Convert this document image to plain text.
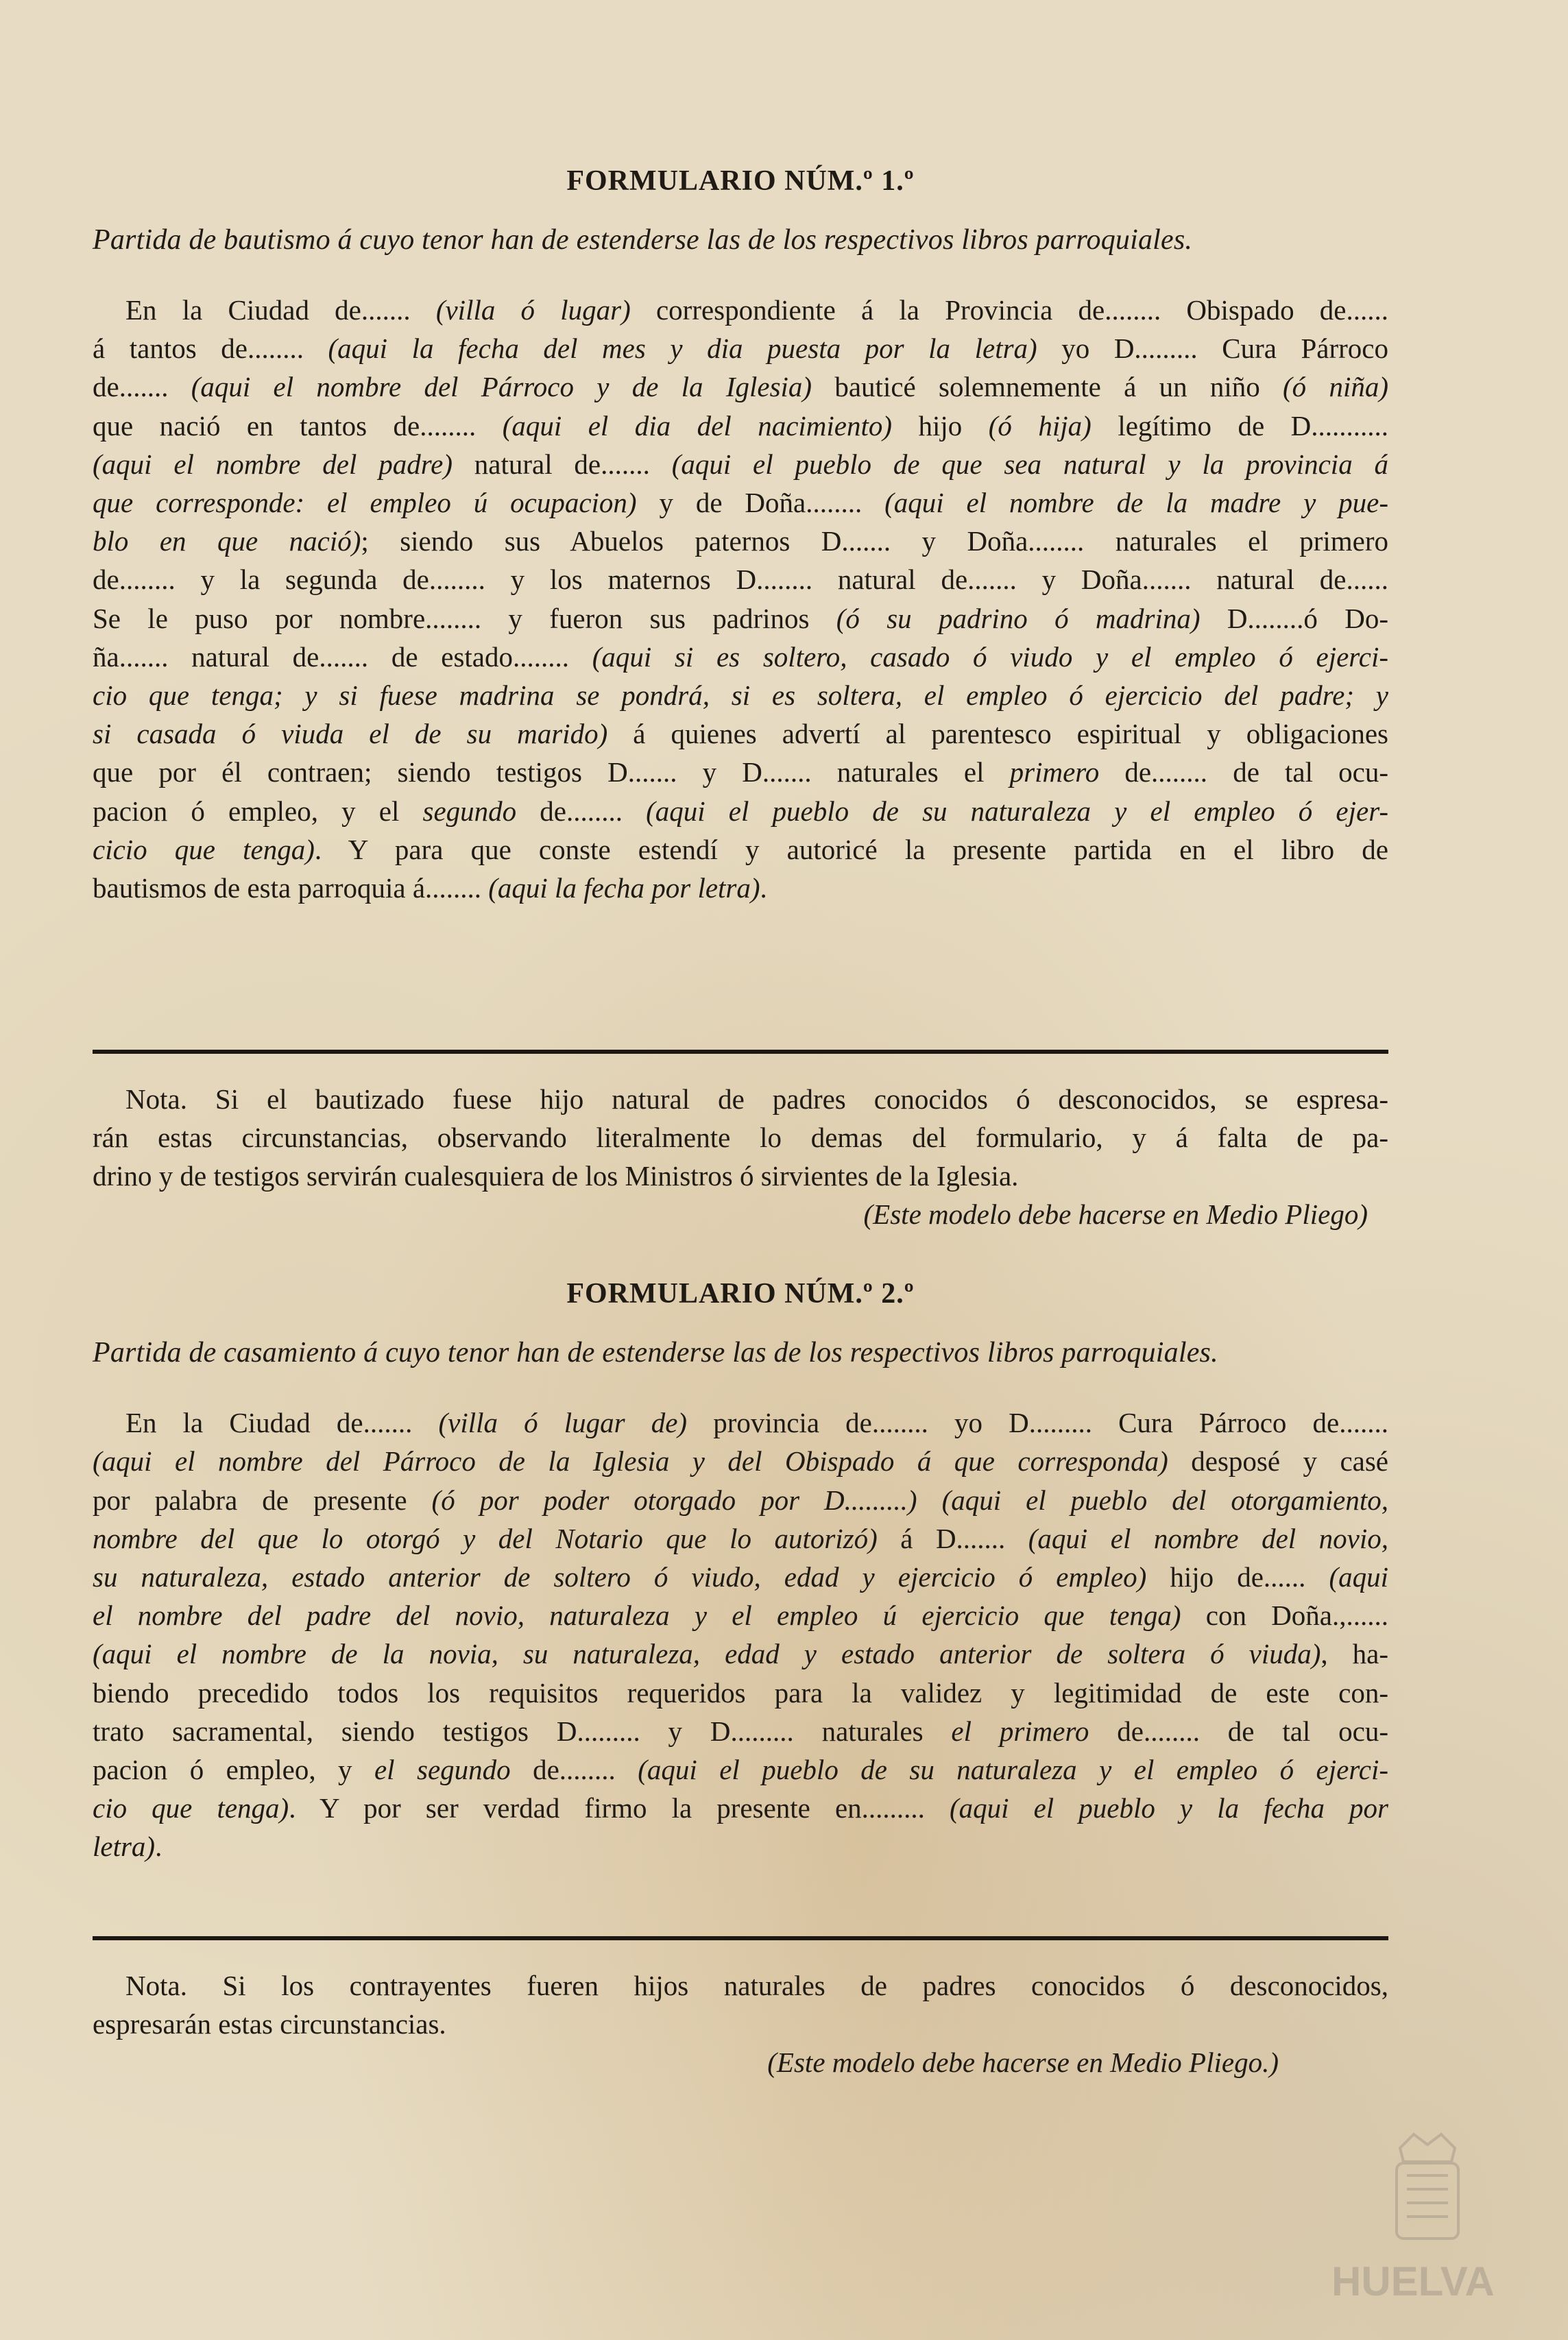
FORMULARIO NÚM.º 1.º
Partida de bautismo á cuyo tenor han de estenderse las de los respectivos libros parroquiales.
En la Ciudad de....... (villa ó lugar) correspondiente á la Provincia de........ Obispado de......
á tantos de........ (aqui la fecha del mes y dia puesta por la letra) yo D......... Cura Párroco
de....... (aqui el nombre del Párroco y de la Iglesia) bauticé solemnemente á un niño (ó niña)
que nació en tantos de........ (aqui el dia del nacimiento) hijo (ó hija) legítimo de D...........
(aqui el nombre del padre) natural de....... (aqui el pueblo de que sea natural y la provincia á
que corresponde: el empleo ú ocupacion) y de Doña........ (aqui el nombre de la madre y pue-
blo en que nació); siendo sus Abuelos paternos D....... y Doña........ naturales el primero
de........ y la segunda de........ y los maternos D........ natural de....... y Doña....... natural de......
Se le puso por nombre........ y fueron sus padrinos (ó su padrino ó madrina) D........ó Do-
ña....... natural de....... de estado........ (aqui si es soltero, casado ó viudo y el empleo ó ejerci-
cio que tenga; y si fuese madrina se pondrá, si es soltera, el empleo ó ejercicio del padre; y
si casada ó viuda el de su marido) á quienes advertí al parentesco espiritual y obligaciones
que por él contraen; siendo testigos D....... y D....... naturales el primero de........ de tal ocu-
pacion ó empleo, y el segundo de........ (aqui el pueblo de su naturaleza y el empleo ó ejer-
cicio que tenga). Y para que conste estendí y autoricé la presente partida en el libro de
bautismos de esta parroquia á........ (aqui la fecha por letra).
Nota. Si el bautizado fuese hijo natural de padres conocidos ó desconocidos, se espresa-
rán estas circunstancias, observando literalmente lo demas del formulario, y á falta de pa-
drino y de testigos servirán cualesquiera de los Ministros ó sirvientes de la Iglesia.
(Este modelo debe hacerse en Medio Pliego)
FORMULARIO NÚM.º 2.º
Partida de casamiento á cuyo tenor han de estenderse las de los respectivos libros parroquiales.
En la Ciudad de....... (villa ó lugar de) provincia de........ yo D......... Cura Párroco de.......
(aqui el nombre del Párroco de la Iglesia y del Obispado á que corresponda) desposé y casé
por palabra de presente (ó por poder otorgado por D.........) (aqui el pueblo del otorgamiento,
nombre del que lo otorgó y del Notario que lo autorizó) á D....... (aqui el nombre del novio,
su naturaleza, estado anterior de soltero ó viudo, edad y ejercicio ó empleo) hijo de...... (aqui
el nombre del padre del novio, naturaleza y el empleo ú ejercicio que tenga) con Doña.,......
(aqui el nombre de la novia, su naturaleza, edad y estado anterior de soltera ó viuda), ha-
biendo precedido todos los requisitos requeridos para la validez y legitimidad de este con-
trato sacramental, siendo testigos D......... y D......... naturales el primero de........ de tal ocu-
pacion ó empleo, y el segundo de........ (aqui el pueblo de su naturaleza y el empleo ó ejerci-
cio que tenga). Y por ser verdad firmo la presente en......... (aqui el pueblo y la fecha por
letra).
Nota. Si los contrayentes fueren hijos naturales de padres conocidos ó desconocidos,
espresarán estas circunstancias.
(Este modelo debe hacerse en Medio Pliego.)
HUELVA
